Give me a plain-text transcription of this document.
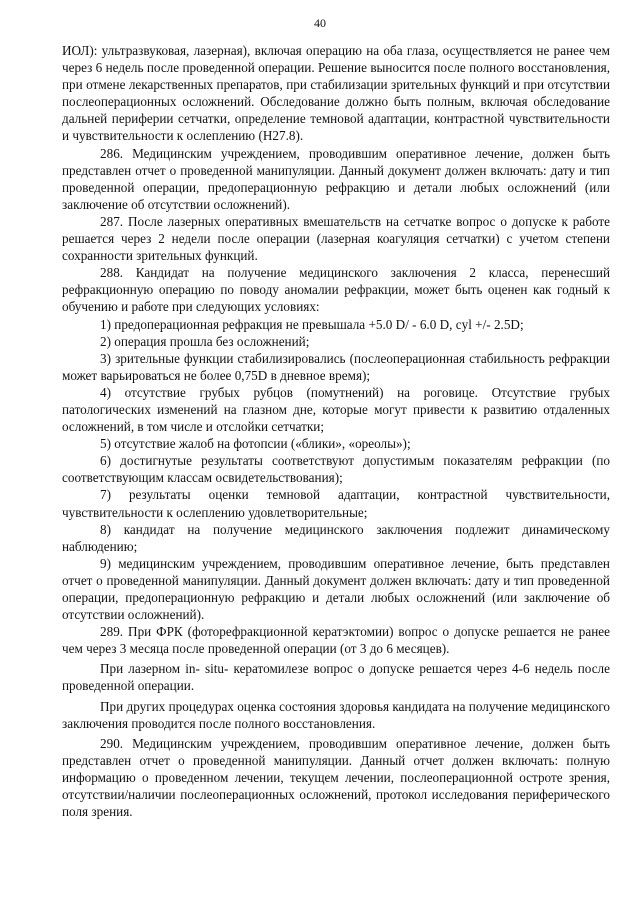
40

ИОЛ): ультразвуковая, лазерная), включая операцию на оба глаза, осуществляется не ранее чем через 6 недель после проведенной операции. Решение выносится после полного восстановления, при отмене лекарственных препаратов, при стабилизации зрительных функций и при отсутствии послеоперационных осложнений. Обследование должно быть полным, включая обследование дальней периферии сетчатки, определение темновой адаптации, контрастной чувствительности и чувствительности к ослеплению (Н27.8).

286. Медицинским учреждением, проводившим оперативное лечение, должен быть представлен отчет о проведенной манипуляции. Данный документ должен включать: дату и тип проведенной операции, предоперационную рефракцию и детали любых осложнений (или заключение об отсутствии осложнений).

287. После лазерных оперативных вмешательств на сетчатке вопрос о допуске к работе решается через 2 недели после операции (лазерная коагуляция сетчатки) с учетом степени сохранности зрительных функций.

288. Кандидат на получение медицинского заключения 2 класса, перенесший рефракционную операцию по поводу аномалии рефракции, может быть оценен как годный к обучению и работе при следующих условиях:

1) предоперационная рефракция не превышала +5.0 D/ - 6.0 D, cyl +/- 2.5D;

2) операция прошла без осложнений;

3) зрительные функции стабилизировались (послеоперационная стабильность рефракции может варьироваться не более 0,75D в дневное время);

4) отсутствие грубых рубцов (помутнений) на роговице. Отсутствие грубых патологических изменений на глазном дне, которые могут привести к развитию отдаленных осложнений, в том числе и отслойки сетчатки;

5) отсутствие жалоб на фотопсии («блики», «ореолы»);

6) достигнутые результаты соответствуют допустимым показателям рефракции (по соответствующим классам освидетельствования);

7) результаты оценки темновой адаптации, контрастной чувствительности, чувствительности к ослеплению удовлетворительные;

8) кандидат на получение медицинского заключения подлежит динамическому наблюдению;

9) медицинским учреждением, проводившим оперативное лечение, быть представлен отчет о проведенной манипуляции. Данный документ должен включать: дату и тип проведенной операции, предоперационную рефракцию и детали любых осложнений (или заключение об отсутствии осложнений).

289. При ФРК (фоторефракционной кератэктомии) вопрос о допуске решается не ранее чем через 3 месяца после проведенной операции (от 3 до 6 месяцев).

При лазерном in- situ- кератомилезе вопрос о допуске решается через 4-6 недель после проведенной операции.

При других процедурах оценка состояния здоровья кандидата на получение медицинского заключения проводится после полного восстановления.

290. Медицинским учреждением, проводившим оперативное лечение, должен быть представлен отчет о проведенной манипуляции. Данный отчет должен включать: полную информацию о проведенном лечении, текущем лечении, послеоперационной остроте зрения, отсутствии/наличии послеоперационных осложнений, протокол исследования периферического поля зрения.
